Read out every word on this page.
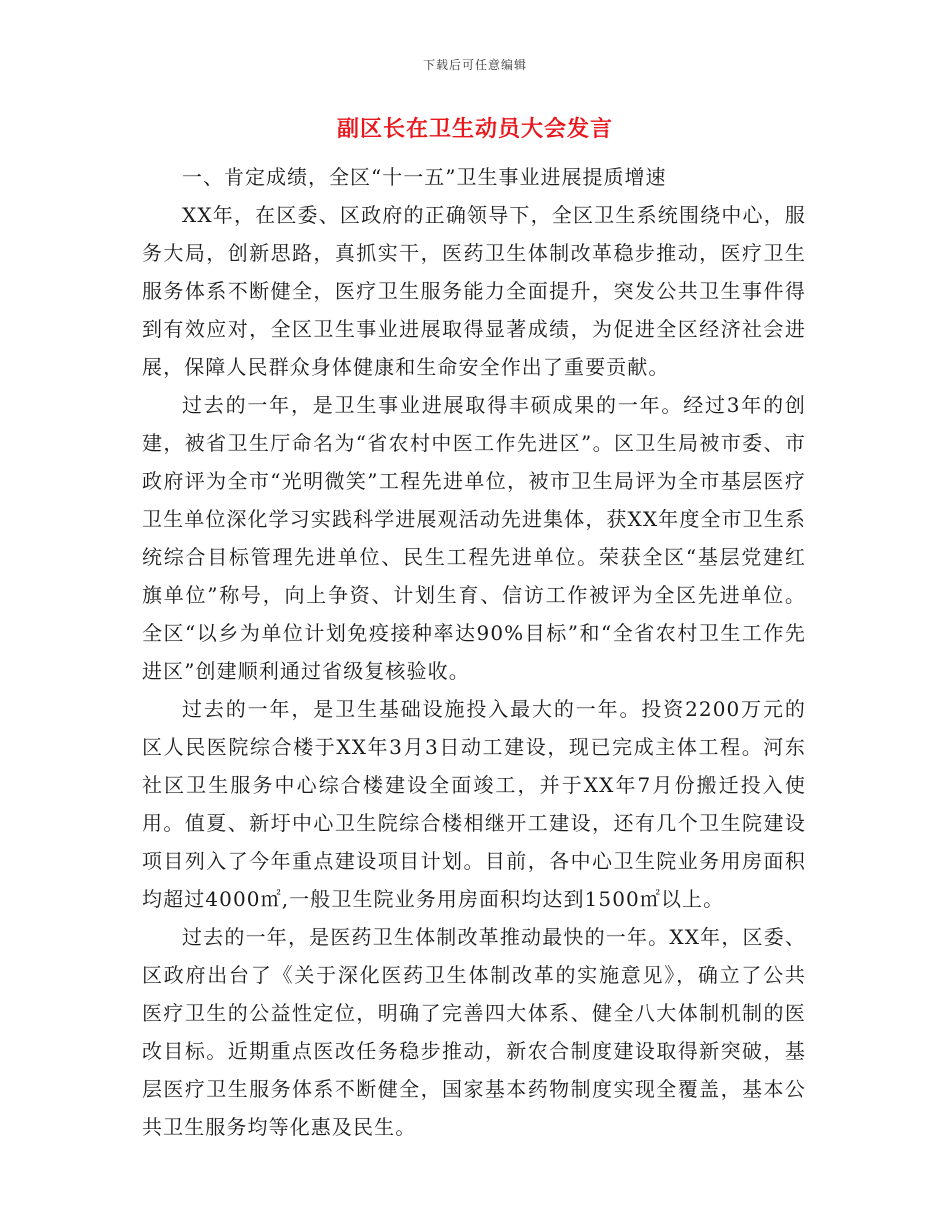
下载后可任意编辑
副区长在卫生动员大会发言

一、肯定成绩，全区“十一五”卫生事业进展提质增速

XX年，在区委、区政府的正确领导下，全区卫生系统围绕中心，服务大局，创新思路，真抓实干，医药卫生体制改革稳步推动，医疗卫生服务体系不断健全，医疗卫生服务能力全面提升，突发公共卫生事件得到有效应对，全区卫生事业进展取得显著成绩，为促进全区经济社会进展，保障人民群众身体健康和生命安全作出了重要贡献。

过去的一年，是卫生事业进展取得丰硕成果的一年。经过3年的创建，被省卫生厅命名为“省农村中医工作先进区”。区卫生局被市委、市政府评为全市“光明微笑”工程先进单位，被市卫生局评为全市基层医疗卫生单位深化学习实践科学进展观活动先进集体，获XX年度全市卫生系统综合目标管理先进单位、民生工程先进单位。荣获全区“基层党建红旗单位”称号，向上争资、计划生育、信访工作被评为全区先进单位。全区“以乡为单位计划免疫接种率达90%目标”和“全省农村卫生工作先进区”创建顺利通过省级复核验收。

过去的一年，是卫生基础设施投入最大的一年。投资2200万元的区人民医院综合楼于XX年3月3日动工建设，现已完成主体工程。河东社区卫生服务中心综合楼建设全面竣工，并于XX年7月份搬迁投入使用。值夏、新圩中心卫生院综合楼相继开工建设，还有几个卫生院建设项目列入了今年重点建设项目计划。目前，各中心卫生院业务用房面积均超过4000㎡,一般卫生院业务用房面积均达到1500㎡以上。

过去的一年，是医药卫生体制改革推动最快的一年。XX年，区委、区政府出台了《关于深化医药卫生体制改革的实施意见》，确立了公共医疗卫生的公益性定位，明确了完善四大体系、健全八大体制机制的医改目标。近期重点医改任务稳步推动，新农合制度建设取得新突破，基层医疗卫生服务体系不断健全，国家基本药物制度实现全覆盖，基本公共卫生服务均等化惠及民生。
